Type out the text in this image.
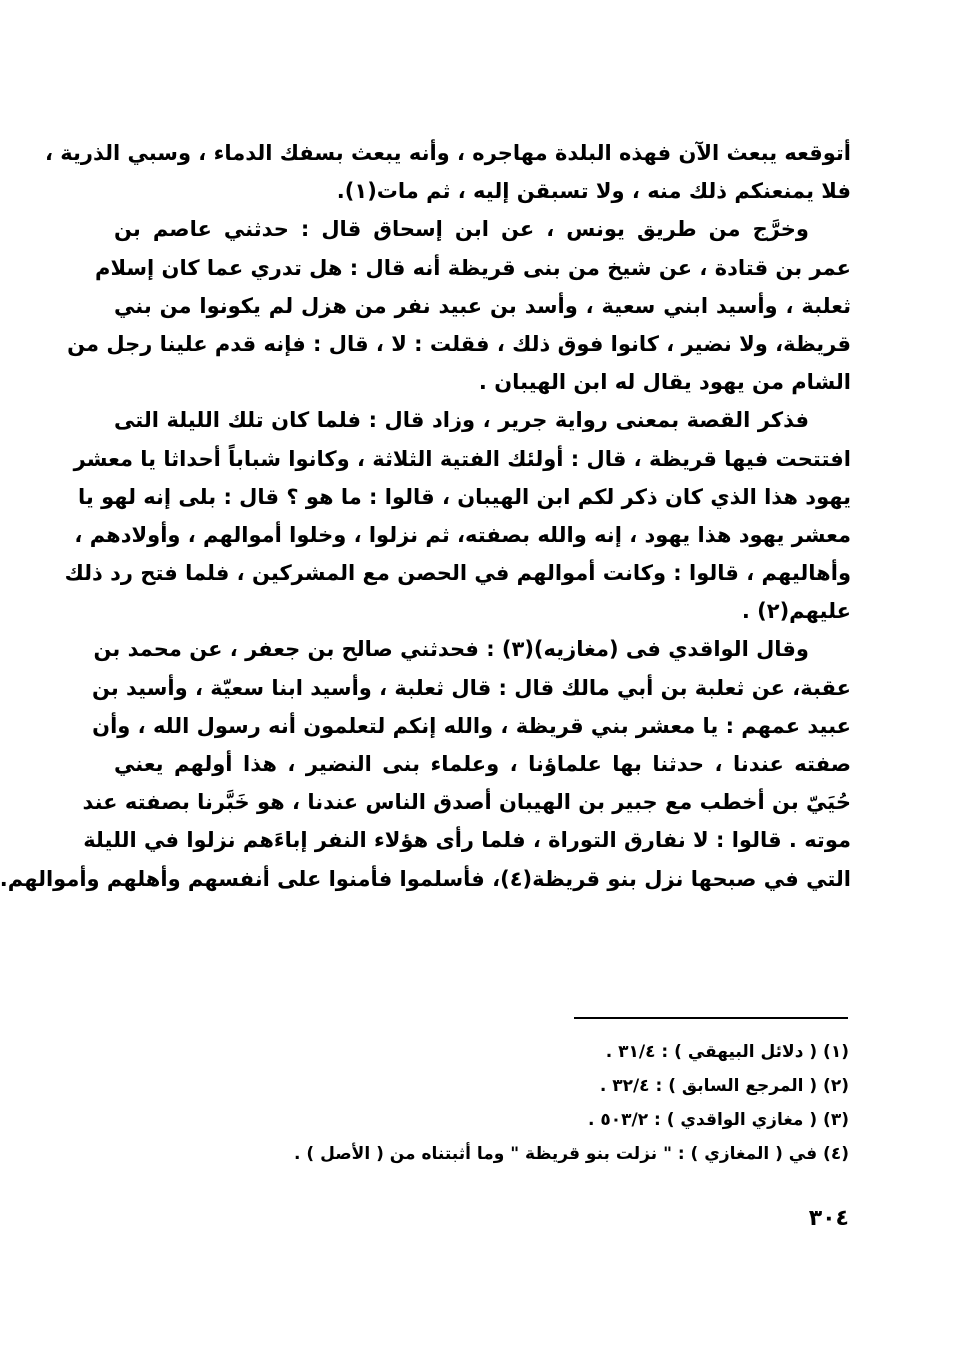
أتوقعه يبعث الآن فهذه البلدة مهاجره ، وأنه يبعث بسفك الدماء ، وسبي الذرية ،
فلا يمنعنكم ذلك منه ، ولا تسبقن إليه ، ثم مات(١).
وخرَّج من طريق يونس ، عن ابن إسحاق قال : حدثني عاصم بن
عمر بن قتادة ، عن شيخ من بنى قريظة أنه قال : هل تدري عما كان إسلام
ثعلبة ، وأسيد ابني سعية ، وأسد بن عبيد نفر من هزل لم يكونوا من بني
قريظة، ولا نضير ، كانوا فوق ذلك ، فقلت : لا ، قال : فإنه قدم علينا رجل من
الشام من يهود يقال له ابن الهيبان .
فذكر القصة بمعنى رواية جرير ، وزاد قال : فلما كان تلك الليلة التى
افتتحت فيها قريظة ، قال : أولئك الفتية الثلاثة ، وكانوا شباباً أحداثا يا معشر
يهود هذا الذي كان ذكر لكم ابن الهيبان ، قالوا : ما هو ؟ قال : بلى إنه لهو يا
معشر يهود هذا يهود ، إنه والله بصفته، ثم نزلوا ، وخلوا أموالهم ، وأولادهم ،
وأهاليهم ، قالوا : وكانت أموالهم في الحصن مع المشركين ، فلما فتح رد ذلك
عليهم(٢) .
وقال الواقدي فى (مغازيه)(٣) : فحدثني صالح بن جعفر ، عن محمد بن
عقبة، عن ثعلبة بن أبي مالك قال : قال ثعلبة ، وأسيد ابنا سعيّة ، وأسيد بن
عبيد عمهم : يا معشر بني قريظة ، والله إنكم لتعلمون أنه رسول الله ، وأن
صفته عندنا ، حدثنا بها علماؤنا ، وعلماء بنى النضير ، هذا أولهم يعني
حُيَيّ بن أخطب مع جبير بن الهيبان أصدق الناس عندنا ، هو خَبَّرنا بصفته عند
موته . قالوا : لا نفارق التوراة ، فلما رأى هؤلاء النفر إباءَهم نزلوا في الليلة
التي في صبحها نزل بنو قريظة(٤)، فأسلموا فأمنوا على أنفسهم وأهلهم وأموالهم.
(١) ( دلائل البيهقي ) : ٣١/٤ .
(٢) ( المرجع السابق ) : ٣٢/٤ .
(٣) ( مغازي الواقدي ) : ٥٠٣/٢ .
(٤) في ( المغازي ) : " نزلت بنو قريظة " وما أثبتناه من ( الأصل ) .
٣٠٤
